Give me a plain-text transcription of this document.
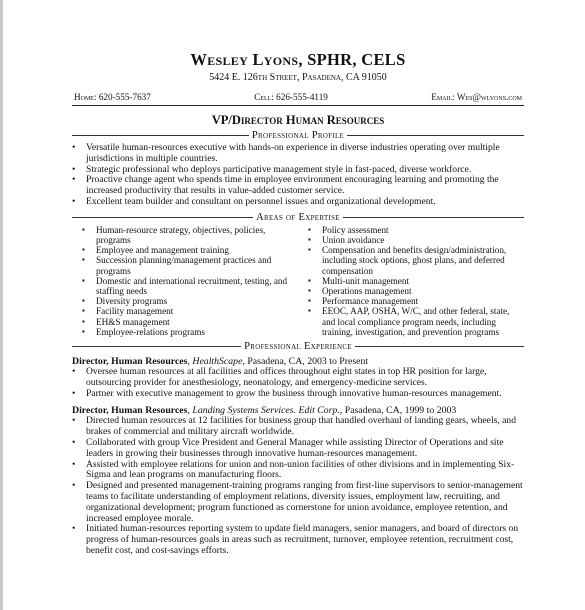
Wesley Lyons, SPHR, CELS
5424 E. 126th Street, Pasadena, CA 91050
Home: 620-555-7637	Cell: 626-555-4119	Email: Wes@wlyons.com
VP/Director Human Resources
Professional Profile
• Versatile human-resources executive with hands-on experience in diverse industries operating over multiple jurisdictions in multiple countries.
• Strategic professional who deploys participative management style in fast-paced, diverse workforce.
• Proactive change agent who spends time in employee environment encouraging learning and promoting the increased productivity that results in value-added customer service.
• Excellent team builder and consultant on personnel issues and organizational development.
Areas of Expertise
▪ Human-resource strategy, objectives, policies, programs
▪ Employee and management training
▪ Succession planning/management practices and programs
▪ Domestic and international recruitment, testing, and staffing needs
▪ Diversity programs
▪ Facility management
▪ EH&S management
▪ Employee-relations programs
▪ Policy assessment
▪ Union avoidance
▪ Compensation and benefits design/administration, including stock options, ghost plans, and deferred compensation
▪ Multi-unit management
▪ Operations management
▪ Performance management
▪ EEOC, AAP, OSHA, W/C, and other federal, state, and local compliance program needs, including training, investigation, and prevention programs
Professional Experience
Director, Human Resources, HealthScape, Pasadena, CA, 2003 to Present
• Oversee human resources at all facilities and offices throughout eight states in top HR position for large, outsourcing provider for anesthesiology, neonatology, and emergency-medicine services.
• Partner with executive management to grow the business through innovative human-resources management.
Director, Human Resources, Landing Systems Services. Edit Corp., Pasadena, CA, 1999 to 2003
• Directed human resources at 12 facilities for business group that handled overhaul of landing gears, wheels, and brakes of commercial and military aircraft worldwide.
• Collaborated with group Vice President and General Manager while assisting Director of Operations and site leaders in growing their businesses through innovative human-resources management.
• Assisted with employee relations for union and non-union facilities of other divisions and in implementing Six-Sigma and lean programs on manufacturing floors.
• Designed and presented management-training programs ranging from first-line supervisors to senior-management teams to facilitate understanding of employment relations, diversity issues, employment law, recruiting, and organizational development; program functioned as cornerstone for union avoidance, employee retention, and increased employee morale.
• Initiated human-resources reporting system to update field managers, senior managers, and board of directors on progress of human-resources goals in areas such as recruitment, turnover, employee retention, recruitment cost, benefit cost, and cost-savings efforts.
